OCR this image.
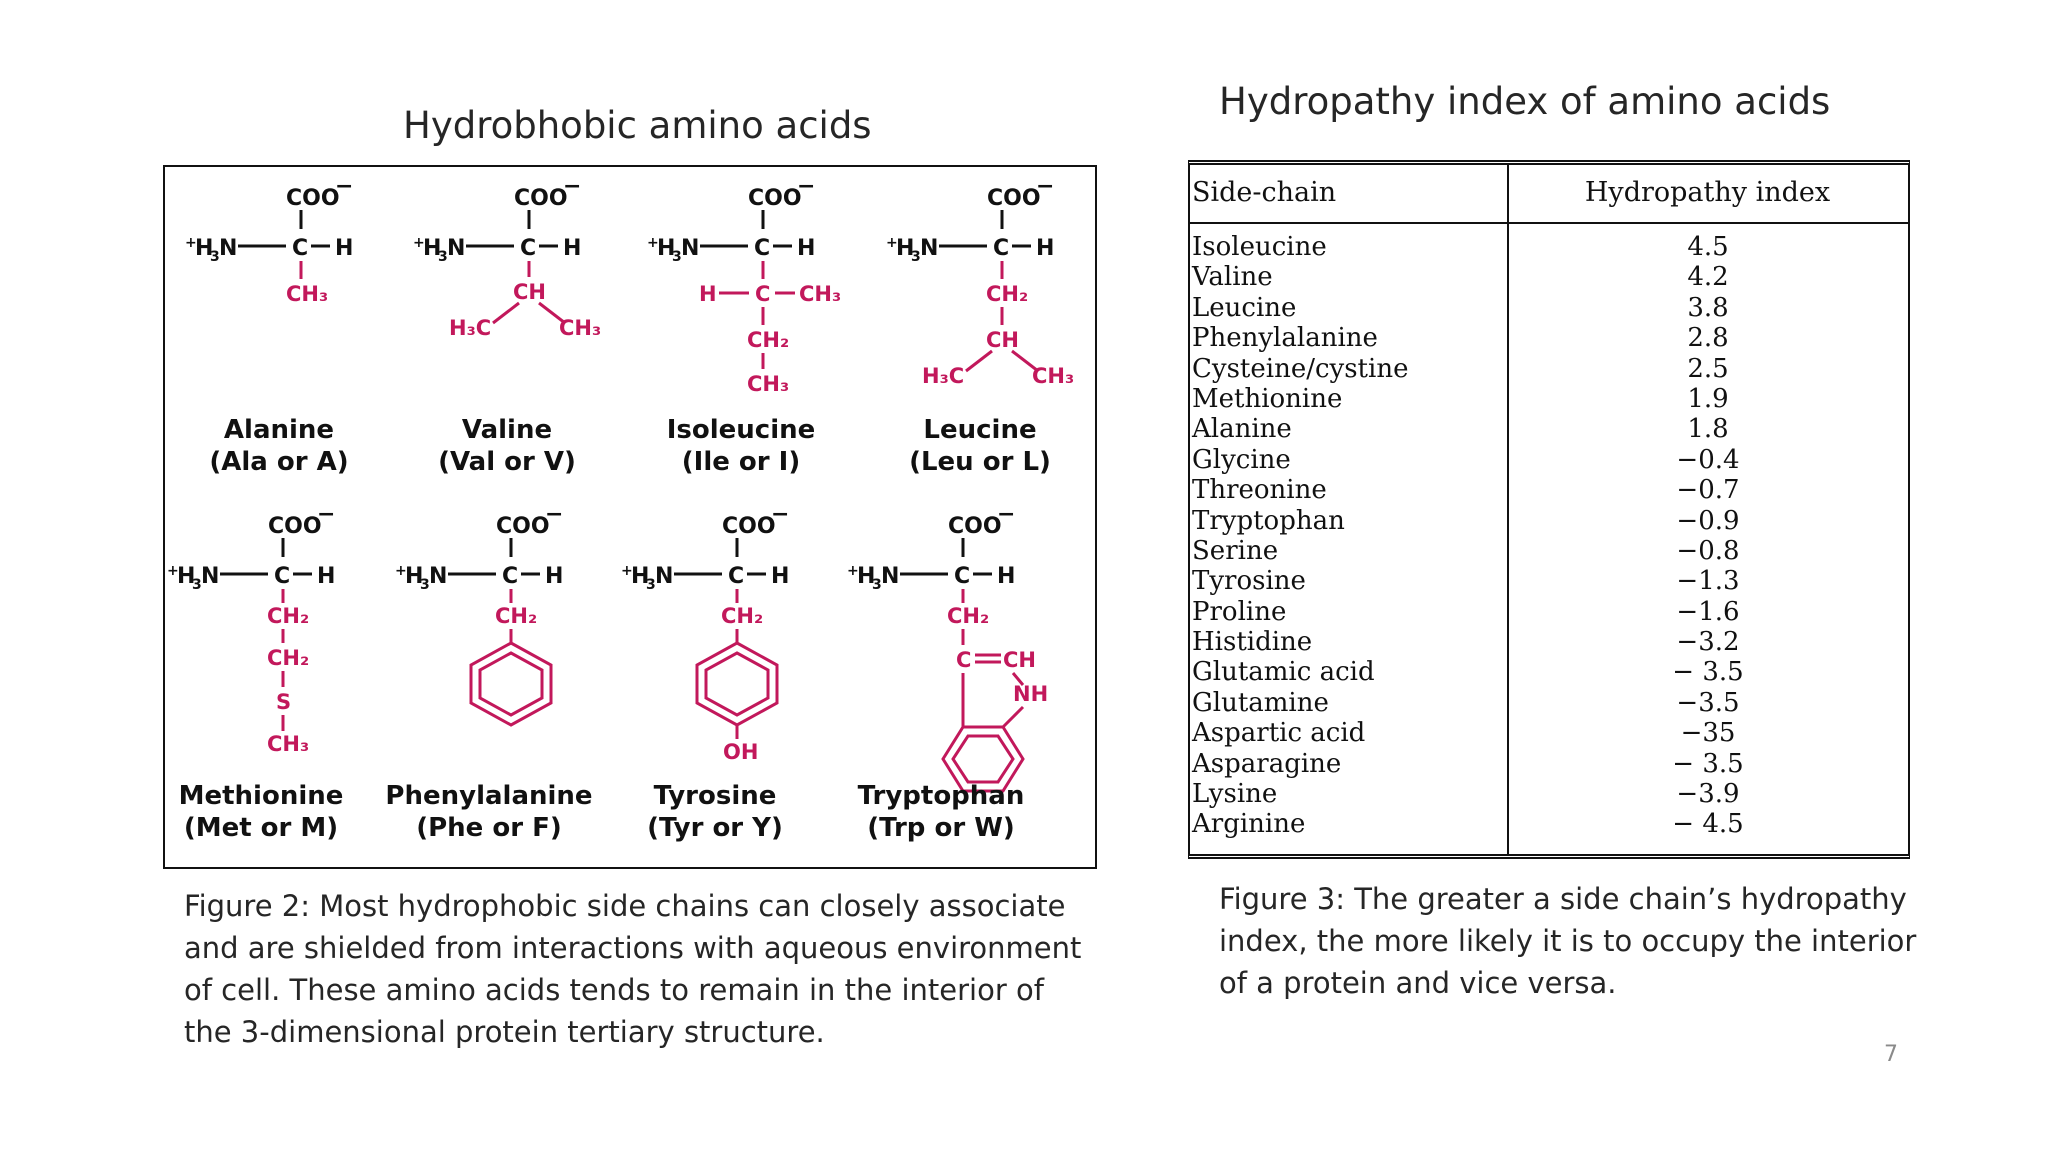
Hydrobhobic amino acids
Hydropathy index of amino acids
COO
−
+
H
3 N C H
CH₃
Alanine
(Ala or A)
COO
−
+
H
3 N C H
CH
H₃C	CH₃
Valine
(Val or V)
COO
−
+
H
3 N C H
H C CH₃
CH₂
CH₃
Isoleucine
(Ile or I)
COO
−
+
H
3 N C H
CH₂
CH
H₃C	CH₃
Leucine
(Leu or L)
COO
−
+
H
3 N C H
CH₂
CH₂
S
CH₃
Methionine
(Met or M)
COO
−
+
H
3 N C H
CH₂
Phenylalanine
(Phe or F)
COO
−
+
H
3 N C H
CH₂
OH
Tyrosine
(Tyr or Y)
COO
−
+
H
3 N C H
CH₂
C CH
NH
Tryptophan
(Trp or W)
Side-chain	Hydropathy index
Isoleucine	4.5
Valine	4.2
Leucine	3.8
Phenylalanine	2.8
Cysteine/cystine	2.5
Methionine	1.9
Alanine	1.8
Glycine	−0.4
Threonine	−0.7
Tryptophan	−0.9
Serine	−0.8
Tyrosine	−1.3
Proline	−1.6
Histidine	−3.2
Glutamic acid	− 3.5
Glutamine	−3.5
Aspartic acid	−35
Asparagine	− 3.5
Lysine	−3.9
Arginine	− 4.5

Figure 2: Most hydrophobic side chains can closely associate and are shielded from interactions with aqueous environment of cell. These amino acids tends to remain in the interior of the 3-dimensional protein tertiary structure.

Figure 3: The greater a side chain’s hydropathy index, the more likely it is to occupy the interior of a protein and vice versa.

7
